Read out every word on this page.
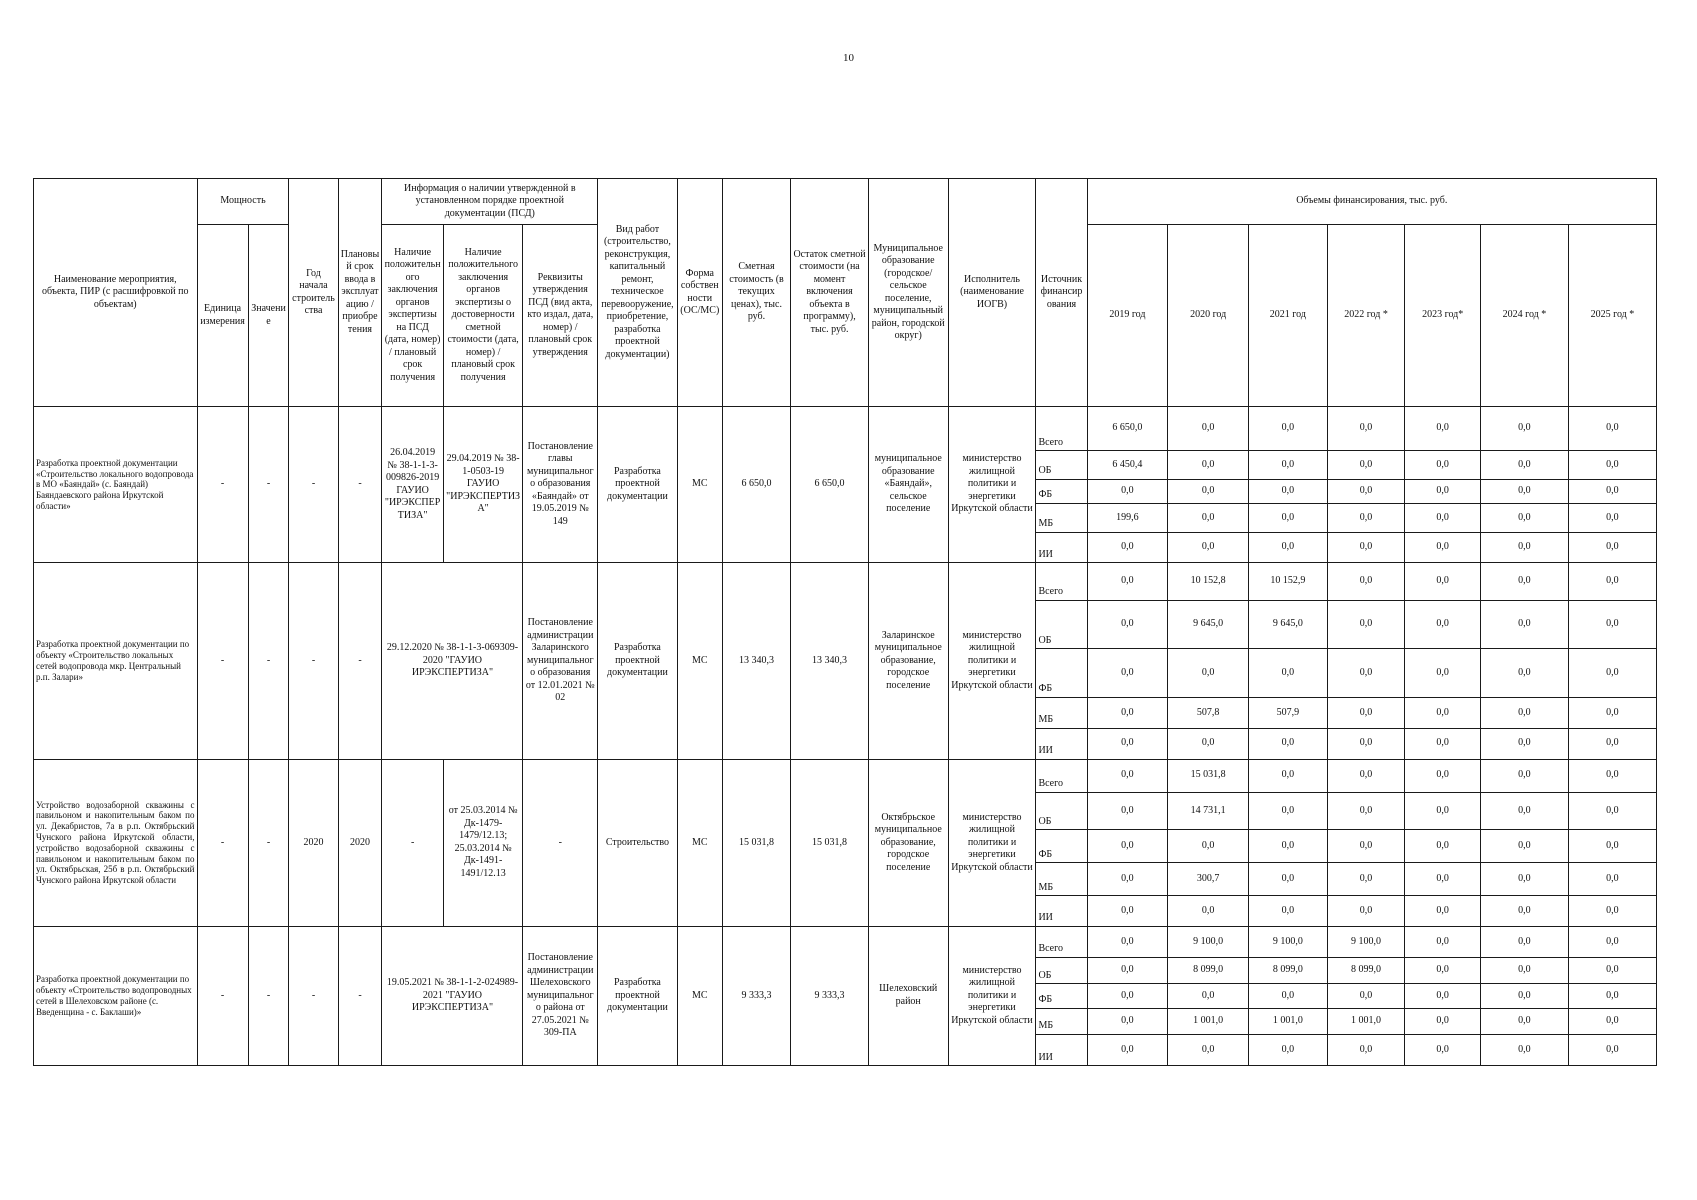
10
Наименование мероприятия, объекта, ПИР (с расшифровкой по объектам)	Мощность		Год начала строительства	Плановый срок ввода в эксплуатацию / приобретения	Информация о наличии утвержденной в установленном порядке проектной документации (ПСД)			Вид работ (строительство, реконструкция, капитальный ремонт, техническое перевооружение, приобретение, разработка проектной документации)	Форма собственности (ОС/МС)	Сметная стоимость (в текущих ценах), тыс. руб.	Остаток сметной стоимости (на момент включения объекта в программу), тыс. руб.	Муниципальное образование (городское/сельское поселение, муниципальный район, городской округ)	Исполнитель (наименование ИОГВ)	Источник финансирования	Объемы финансирования, тыс. руб.						
	Единица измерения	Значение			Наличие положительного заключения органов экспертизы на ПСД (дата, номер) / плановый срок получения	Наличие положительного заключения органов экспертизы о достоверности сметной стоимости (дата, номер) / плановый срок получения	Реквизиты утверждения ПСД (вид акта, кто издал, дата, номер) / плановый срок утверждения								2019 год	2020 год	2021 год	2022 год *	2023 год*	2024 год *	2025 год *
Разработка проектной документации «Строительство локального водопровода в МО «Баяндай» (с. Баяндай) Баяндаевского района Иркутской области»	-	-	-	-	26.04.2019 № 38-1-1-3-009826-2019 ГАУИО "ИРЭКСПЕРТИЗА"	29.04.2019 № 38-1-0503-19 ГАУИО "ИРЭКСПЕРТИЗА"	Постановление главы муниципального образования «Баяндай» от 19.05.2019 № 149	Разработка проектной документации	МС	6 650,0	6 650,0	муниципальное образование «Баяндай», сельское поселение	министерство жилищной политики и энергетики Иркутской области	Всего	6 650,0	0,0	0,0	0,0	0,0	0,0	0,0
														ОБ	6 450,4	0,0	0,0	0,0	0,0	0,0	0,0
														ФБ	0,0	0,0	0,0	0,0	0,0	0,0	0,0
														МБ	199,6	0,0	0,0	0,0	0,0	0,0	0,0
														ИИ	0,0	0,0	0,0	0,0	0,0	0,0	0,0
Разработка проектной документации по объекту «Строительство локальных сетей водопровода мкр. Центральный р.п. Залари»	-	-	-	-	29.12.2020 № 38-1-1-3-069309-2020 "ГАУИО ИРЭКСПЕРТИЗА"		Постановление администрации Заларинского муниципального образования от 12.01.2021 № 02	Разработка проектной документации	МС	13 340,3	13 340,3	Заларинское муниципальное образование, городское поселение	министерство жилищной политики и энергетики Иркутской области	Всего	0,0	10 152,8	10 152,9	0,0	0,0	0,0	0,0
														ОБ	0,0	9 645,0	9 645,0	0,0	0,0	0,0	0,0
														ФБ	0,0	0,0	0,0	0,0	0,0	0,0	0,0
														МБ	0,0	507,8	507,9	0,0	0,0	0,0	0,0
														ИИ	0,0	0,0	0,0	0,0	0,0	0,0	0,0
Устройство водозаборной скважины с павильоном и накопительным баком по ул. Декабристов, 7а в р.п. Октябрьский Чунского района Иркутской области, устройство водозаборной скважины с павильоном и накопительным баком по ул. Октябрьская, 25б в р.п. Октябрьский Чунского района Иркутской области	-	-	2020	2020	-	от 25.03.2014 № Дк-1479-1479/12.13; 25.03.2014 № Дк-1491-1491/12.13	-	Строительство	МС	15 031,8	15 031,8	Октябрьское муниципальное образование, городское поселение	министерство жилищной политики и энергетики Иркутской области	Всего	0,0	15 031,8	0,0	0,0	0,0	0,0	0,0
														ОБ	0,0	14 731,1	0,0	0,0	0,0	0,0	0,0
														ФБ	0,0	0,0	0,0	0,0	0,0	0,0	0,0
														МБ	0,0	300,7	0,0	0,0	0,0	0,0	0,0
														ИИ	0,0	0,0	0,0	0,0	0,0	0,0	0,0
Разработка проектной документации по объекту «Строительство водопроводных сетей в Шелеховском районе (с. Введенщина - с. Баклаши)»	-	-	-	-	19.05.2021 № 38-1-1-2-024989-2021 "ГАУИО ИРЭКСПЕРТИЗА"		Постановление администрации Шелеховского муниципального района от 27.05.2021 № 309-ПА	Разработка проектной документации	МС	9 333,3	9 333,3	Шелеховский район	министерство жилищной политики и энергетики Иркутской области	Всего	0,0	9 100,0	9 100,0	9 100,0	0,0	0,0	0,0
														ОБ	0,0	8 099,0	8 099,0	8 099,0	0,0	0,0	0,0
														ФБ	0,0	0,0	0,0	0,0	0,0	0,0	0,0
														МБ	0,0	1 001,0	1 001,0	1 001,0	0,0	0,0	0,0
														ИИ	0,0	0,0	0,0	0,0	0,0	0,0	0,0
